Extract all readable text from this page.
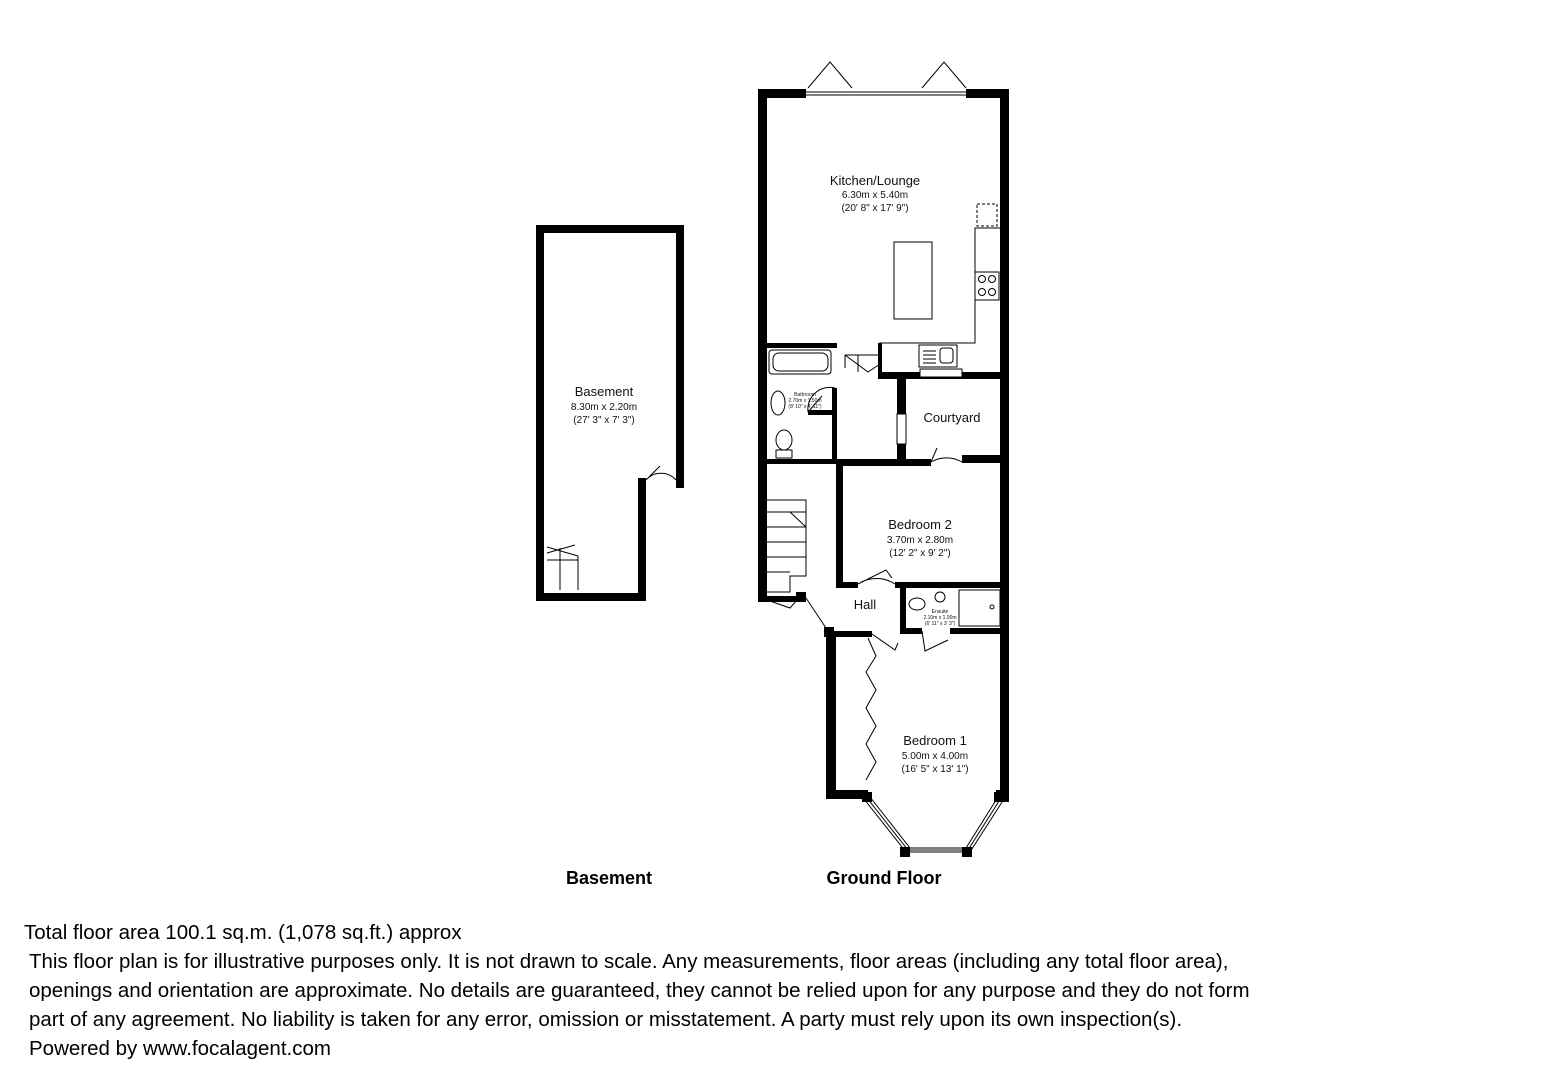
Basement
8.30m x 2.20m
(27' 3" x 7' 3")
Kitchen/Lounge
6.30m x 5.40m
(20' 8" x 17' 9")
Bathroom
2.70m x 1.50m
(8' 10" x 4' 11")
Courtyard
Bedroom 2
3.70m x 2.80m
(12' 2" x 9' 2")
Hall	Ensuite
2.10m x 1.00m
(6' 11" x 3' 3")
Bedroom 1
5.00m x 4.00m
(16' 5" x 13' 1")
Basement	Ground Floor
Total floor area 100.1 sq.m. (1,078 sq.ft.) approx
This floor plan is for illustrative purposes only. It is not drawn to scale. Any measurements, floor areas (including any total floor area),
openings and orientation are approximate. No details are guaranteed, they cannot be relied upon for any purpose and they do not form
part of any agreement. No liability is taken for any error, omission or misstatement. A party must rely upon its own inspection(s).
Powered by www.focalagent.com
